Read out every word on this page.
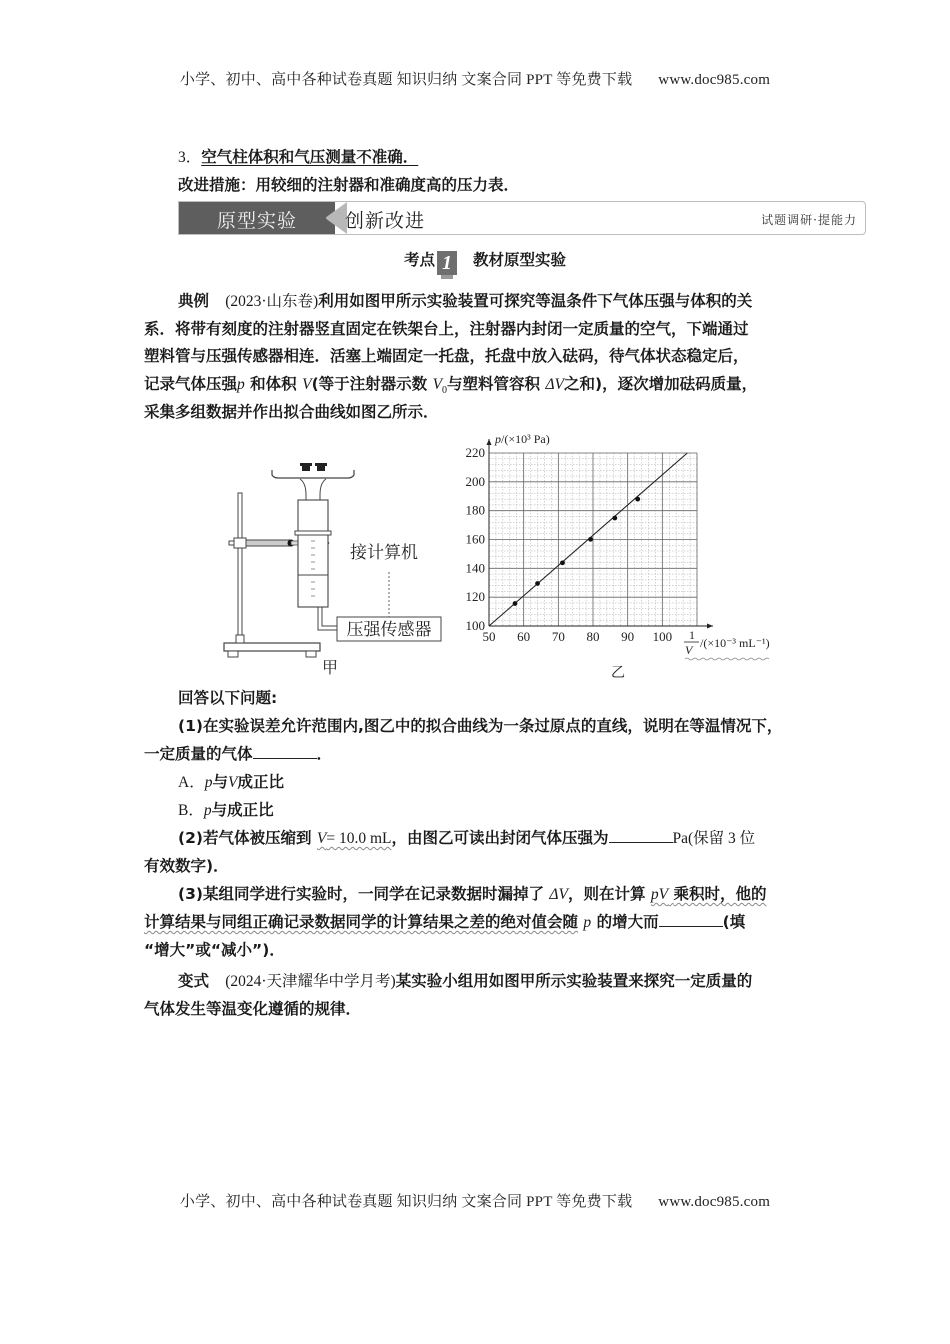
小学、初中、高中各种试卷真题 知识归纳 文案合同 PPT 等免费下载 www.doc985.com
3．空气柱体积和气压测量不准确．
改进措施：用较细的注射器和准确度高的压力表．
原型实验	创新改进	试题调研·提能力
考点 1 教材原型实验
典例 (2023·山东卷)利用如图甲所示实验装置可探究等温条件下气体压强与体积的关
系．将带有刻度的注射器竖直固定在铁架台上，注射器内封闭一定质量的空气，下端通过
塑料管与压强传感器相连．活塞上端固定一托盘，托盘中放入砝码，待气体状态稳定后，
记录气体压强p 和体积 V(等于注射器示数 $V_0$与塑料管容积 ΔV之和)，逐次增加砝码质量，
采集多组数据并作出拟合曲线如图乙所示．
压强传感器
接计算机
甲
50 60 70 80 90 100
100
120
140
160
180
200
220
p/(×10³ Pa)
1
V /(×10⁻³ mL⁻¹)
乙
回答以下问题:
(1)在实验误差允许范围内,图乙中的拟合曲线为一条过原点的直线，说明在等温情况下，
一定质量的气体	．
A．p与V成正比
B．p与成正比
(2)若气体被压缩到 V= 10.0 mL，由图乙可读出封闭气体压强为	Pa(保留 3 位
有效数字)．
(3)某组同学进行实验时，一同学在记录数据时漏掉了 ΔV，则在计算 pV 乘积时，他的
计算结果与同组正确记录数据同学的计算结果之差的绝对值会随 p 的增大而	(填
“增大”或“减小”)．
变式 (2024·天津耀华中学月考)某实验小组用如图甲所示实验装置来探究一定质量的
气体发生等温变化遵循的规律．
小学、初中、高中各种试卷真题 知识归纳 文案合同 PPT 等免费下载 www.doc985.com
